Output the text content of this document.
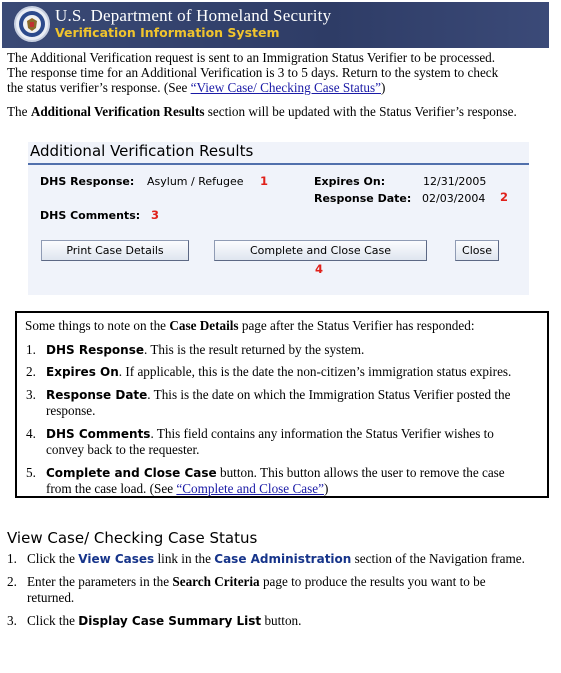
U.S. Department of Homeland Security
Verification Information System
The Additional Verification request is sent to an Immigration Status Verifier to be processed.
The response time for an Additional Verification is 3 to 5 days. Return to the system to check
the status verifier’s response. (See “View Case/ Checking Case Status”)
The Additional Verification Results section will be updated with the Status Verifier’s response.
Additional Verification Results
DHS Response: Asylum / Refugee 1	Expires On:	12/31/2005
Response Date: 02/03/2004 2
DHS Comments: 3
Print Case Details	Complete and Close Case	Close
4
Some things to note on the Case Details page after the Status Verifier has responded:
1. DHS Response. This is the result returned by the system.
2. Expires On. If applicable, this is the date the non-citizen’s immigration status expires.
3. Response Date. This is the date on which the Immigration Status Verifier posted the
response.
4. DHS Comments. This field contains any information the Status Verifier wishes to
convey back to the requester.
5. Complete and Close Case button. This button allows the user to remove the case
from the case load. (See “Complete and Close Case”)
View Case/ Checking Case Status
1. Click the View Cases link in the Case Administration section of the Navigation frame.
2. Enter the parameters in the Search Criteria page to produce the results you want to be
returned.
3. Click the Display Case Summary List button.
